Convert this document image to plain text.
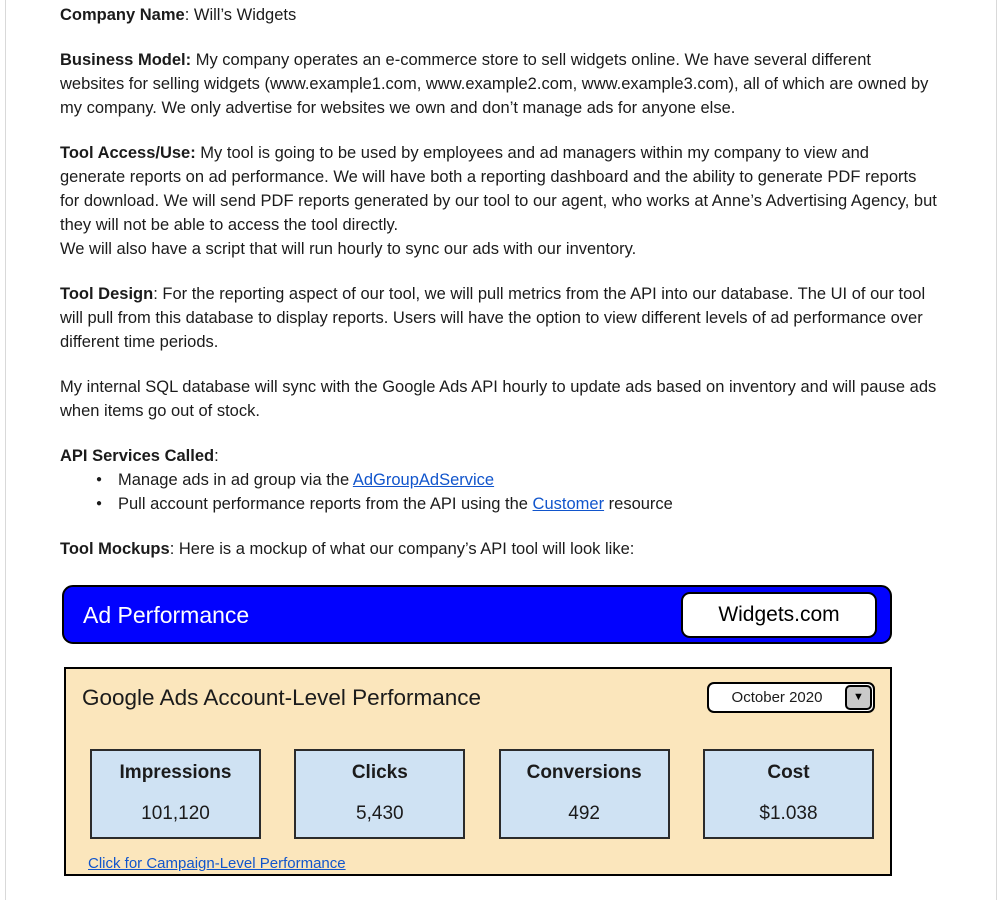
Company Name: Will’s Widgets

Business Model: My company operates an e-commerce store to sell widgets online. We have several different websites for selling widgets (www.example1.com, www.example2.com, www.example3.com), all of which are owned by my company. We only advertise for websites we own and don’t manage ads for anyone else.

Tool Access/Use: My tool is going to be used by employees and ad managers within my company to view and generate reports on ad performance. We will have both a reporting dashboard and the ability to generate PDF reports for download. We will send PDF reports generated by our tool to our agent, who works at Anne’s Advertising Agency, but they will not be able to access the tool directly.
We will also have a script that will run hourly to sync our ads with our inventory.

Tool Design: For the reporting aspect of our tool, we will pull metrics from the API into our database. The UI of our tool will pull from this database to display reports. Users will have the option to view different levels of ad performance over different time periods.

My internal SQL database will sync with the Google Ads API hourly to update ads based on inventory and will pause ads when items go out of stock.

API Services Called:
● Manage ads in ad group via the AdGroupAdService
● Pull account performance reports from the API using the Customer resource
Tool Mockups: Here is a mockup of what our company’s API tool will look like:
Ad Performance	Widgets.com
Google Ads Account-Level Performance	October 2020	▼
Impressions
101,120
Clicks
5,430
Conversions
492
Cost
$1.038
Click for Campaign-Level Performance
